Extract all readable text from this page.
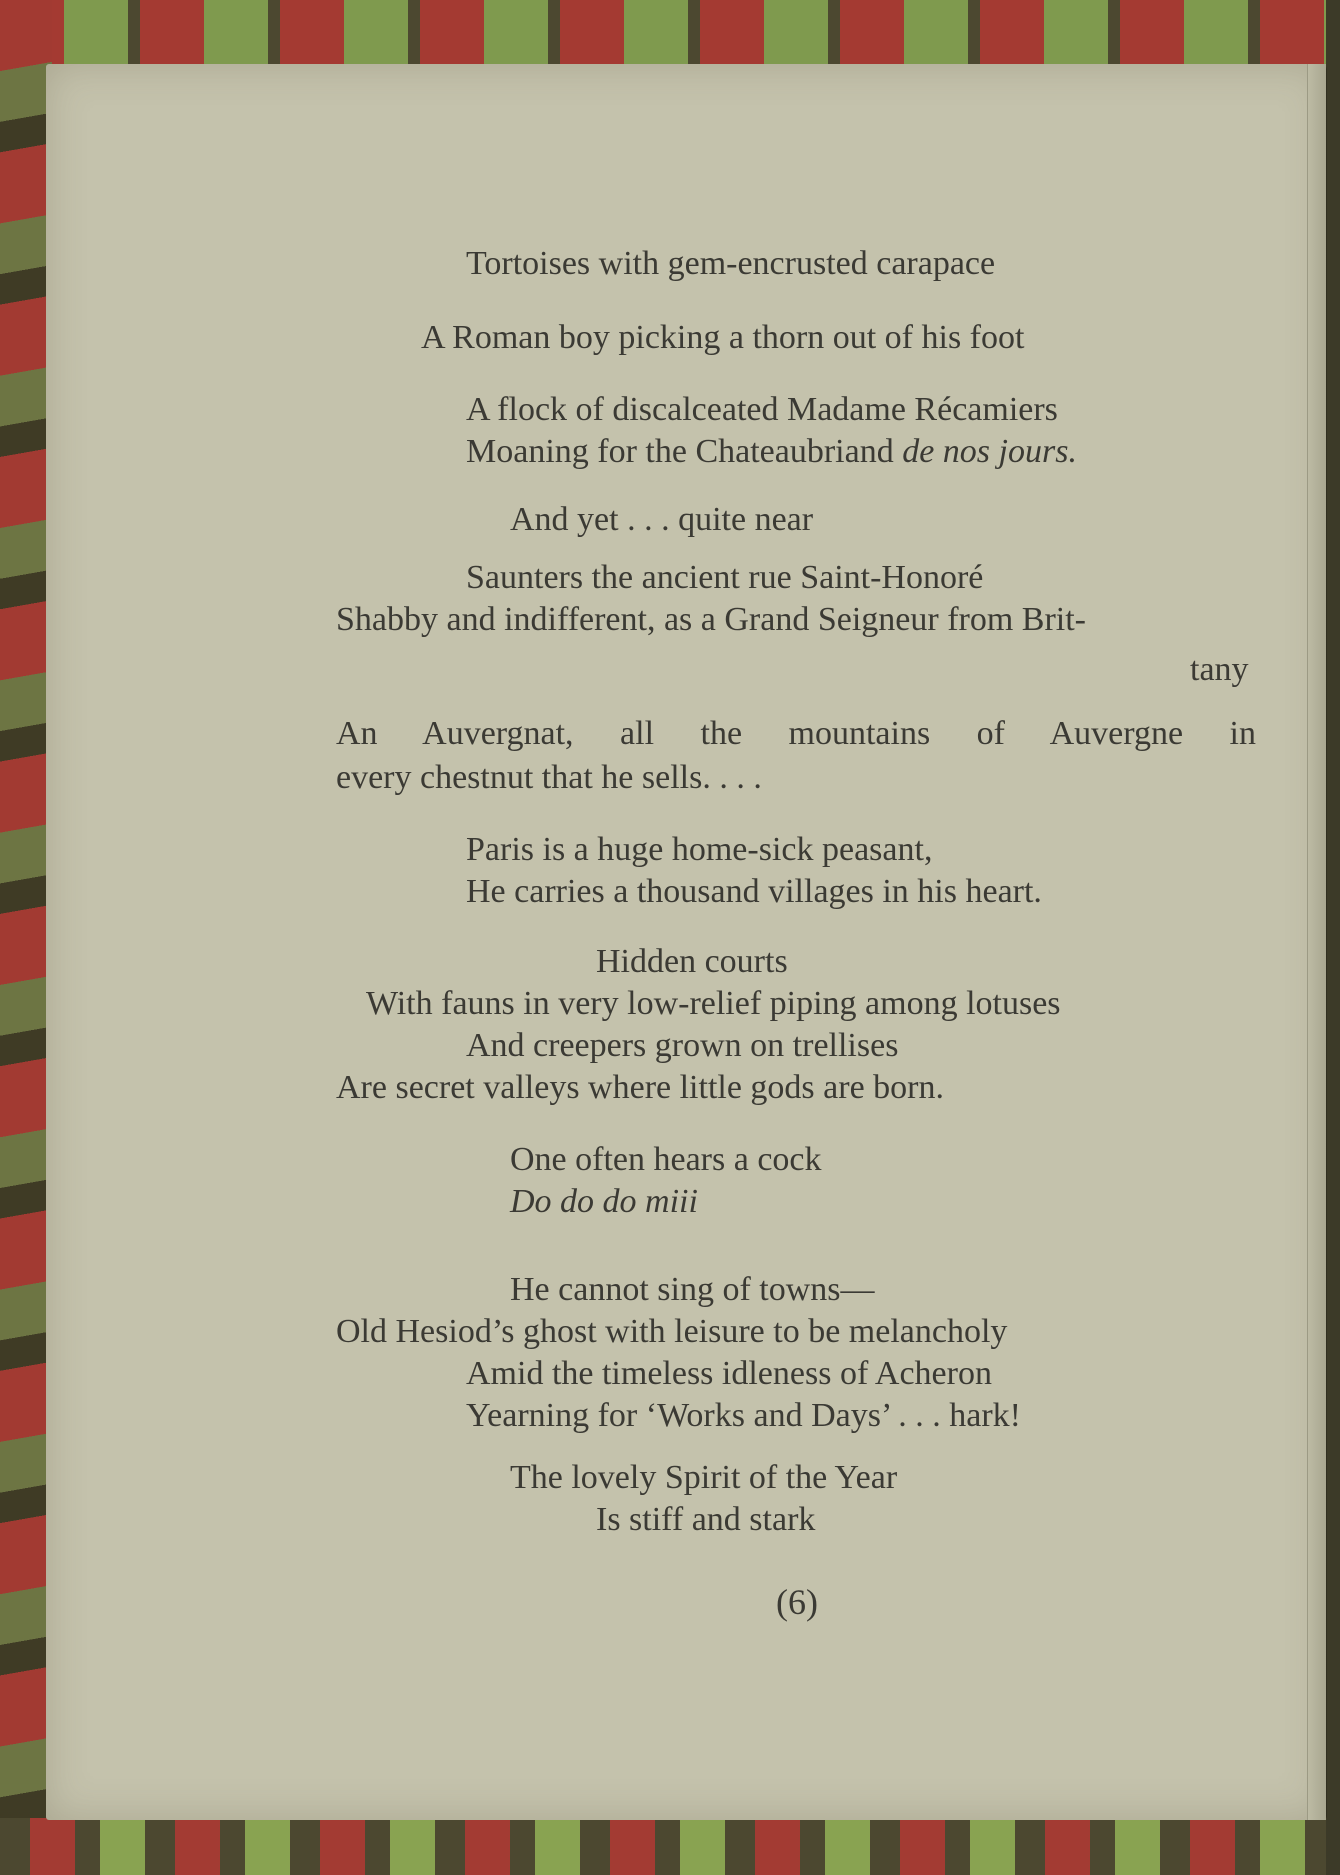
Tortoises with gem-encrusted carapace

A Roman boy picking a thorn out of his foot

A flock of discalceated Madame Récamiers

Moaning for the Chateaubriand de nos jours.

And yet . . . quite near

Saunters the ancient rue Saint-Honoré

Shabby and indifferent, as a Grand Seigneur from Brit-

tany

An Auvergnat, all the mountains of Auvergne in

every chestnut that he sells. . . .

Paris is a huge home-sick peasant,

He carries a thousand villages in his heart.

Hidden courts

With fauns in very low-relief piping among lotuses

And creepers grown on trellises

Are secret valleys where little gods are born.

One often hears a cock

Do do do miii

He cannot sing of towns—

Old Hesiod’s ghost with leisure to be melancholy

Amid the timeless idleness of Acheron

Yearning for ‘Works and Days’ . . . hark!

The lovely Spirit of the Year

Is stiff and stark

(6)
